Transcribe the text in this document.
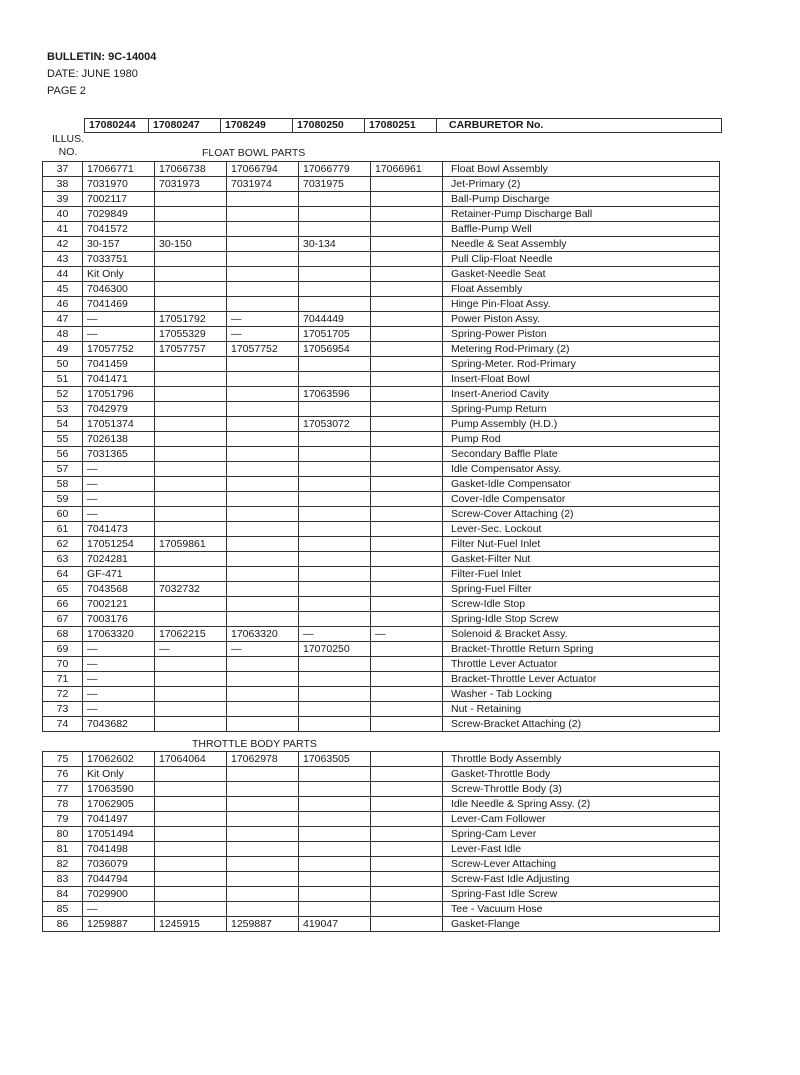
BULLETIN: 9C-14004
DATE: JUNE 1980
PAGE 2
17080244	17080247	1708249	17080250	17080251	CARBURETOR No.
ILLUS.
NO.	FLOAT BOWL PARTS
37	17066771	17066738	17066794	17066779	17066961	Float Bowl Assembly
38	7031970	7031973	7031974	7031975		Jet-Primary (2)
39	7002117					Ball-Pump Discharge
40	7029849					Retainer-Pump Discharge Ball
41	7041572					Baffle-Pump Well
42	30-157	30-150		30-134		Needle & Seat Assembly
43	7033751					Pull Clip-Float Needle
44	Kit Only					Gasket-Needle Seat
45	7046300					Float Assembly
46	7041469					Hinge Pin-Float Assy.
47	—	17051792	—	7044449		Power Piston Assy.
48	—	17055329	—	17051705		Spring-Power Piston
49	17057752	17057757	17057752	17056954		Metering Rod-Primary (2)
50	7041459					Spring-Meter. Rod-Primary
51	7041471					Insert-Float Bowl
52	17051796			17063596		Insert-Aneriod Cavity
53	7042979					Spring-Pump Return
54	17051374			17053072		Pump Assembly (H.D.)
55	7026138					Pump Rod
56	7031365					Secondary Baffle Plate
57	—					Idle Compensator Assy.
58	—					Gasket-Idle Compensator
59	—					Cover-Idle Compensator
60	—					Screw-Cover Attaching (2)
61	7041473					Lever-Sec. Lockout
62	17051254	17059861				Filter Nut-Fuel Inlet
63	7024281					Gasket-Filter Nut
64	GF-471					Filter-Fuel Inlet
65	7043568	7032732				Spring-Fuel Filter
66	7002121					Screw-Idle Stop
67	7003176					Spring-Idle Stop Screw
68	17063320	17062215	17063320	—	—	Solenoid & Bracket Assy.
69	—	—	—	17070250		Bracket-Throttle Return Spring
70	—					Throttle Lever Actuator
71	—					Bracket-Throttle Lever Actuator
72	—					Washer - Tab Locking
73	—					Nut - Retaining
74	7043682					Screw-Bracket Attaching (2)
THROTTLE BODY PARTS
75	17062602	17064064	17062978	17063505		Throttle Body Assembly
76	Kit Only					Gasket-Throttle Body
77	17063590					Screw-Throttle Body (3)
78	17062905					Idle Needle & Spring Assy. (2)
79	7041497					Lever-Cam Follower
80	17051494					Spring-Cam Lever
81	7041498					Lever-Fast Idle
82	7036079					Screw-Lever Attaching
83	7044794					Screw-Fast Idle Adjusting
84	7029900					Spring-Fast Idle Screw
85	—					Tee - Vacuum Hose
86	1259887	1245915	1259887	419047		Gasket-Flange
